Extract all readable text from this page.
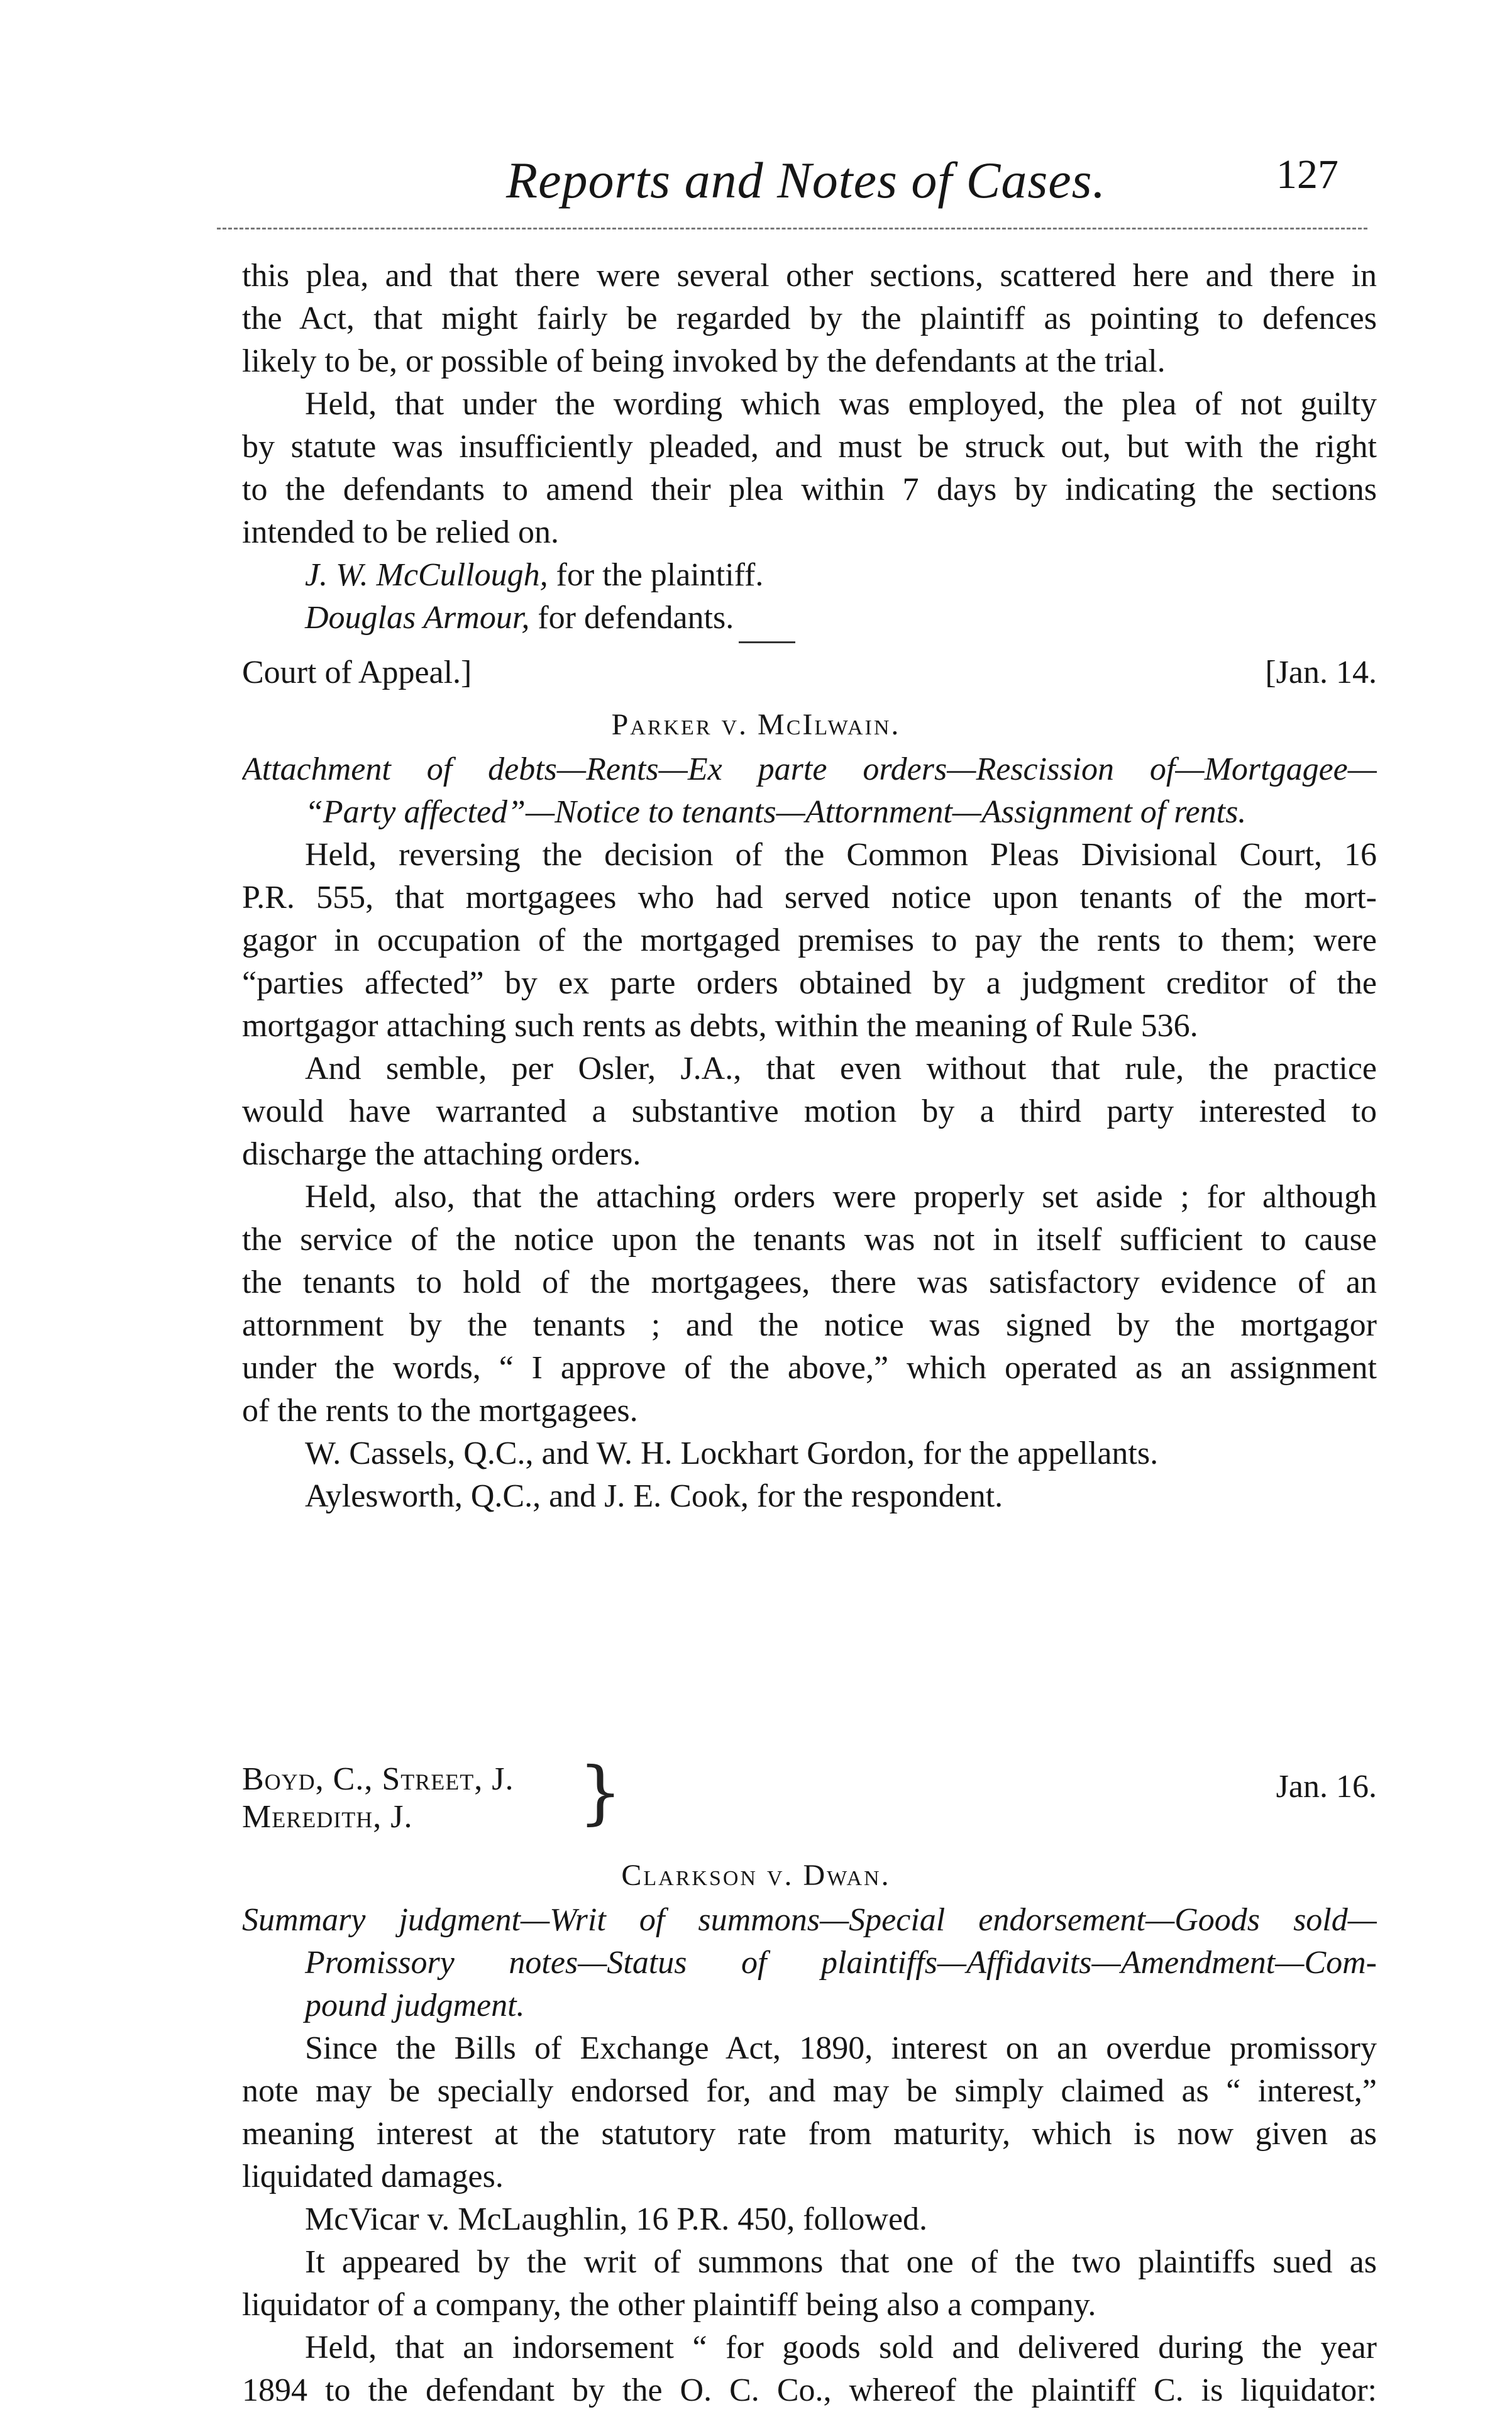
Reports and Notes of Cases.	127
this plea, and that there were several other sections, scattered here and there in
the Act, that might fairly be regarded by the plaintiff as pointing to defences
likely to be, or possible of being invoked by the defendants at the trial.
Held, that under the wording which was employed, the plea of not guilty
by statute was insufficiently pleaded, and must be struck out, but with the right
to the defendants to amend their plea within 7 days by indicating the sections
intended to be relied on.
J. W. McCullough, for the plaintiff.
Douglas Armour, for defendants.
Court of Appeal.]	[Jan. 14.
Parker v. McIlwain.
Attachment of debts—Rents—Ex parte orders—Rescission of—Mortgagee—
“Party affected”—Notice to tenants—Attornment—Assignment of rents.
Held, reversing the decision of the Common Pleas Divisional Court, 16
P.R. 555, that mortgagees who had served notice upon tenants of the mort-
gagor in occupation of the mortgaged premises to pay the rents to them; were
“parties affected” by ex parte orders obtained by a judgment creditor of the
mortgagor attaching such rents as debts, within the meaning of Rule 536.
And semble, per Osler, J.A., that even without that rule, the practice
would have warranted a substantive motion by a third party interested to
discharge the attaching orders.
Held, also, that the attaching orders were properly set aside ; for although
the service of the notice upon the tenants was not in itself sufficient to cause
the tenants to hold of the mortgagees, there was satisfactory evidence of an
attornment by the tenants ; and the notice was signed by the mortgagor
under the words, “ I approve of the above,” which operated as an assignment
of the rents to the mortgagees.
W. Cassels, Q.C., and W. H. Lockhart Gordon, for the appellants.
Aylesworth, Q.C., and J. E. Cook, for the respondent.
Boyd, C., Street, J.
Meredith, J.
Jan. 16.
}
Clarkson v. Dwan.
Summary judgment—Writ of summons—Special endorsement—Goods sold—
Promissory notes—Status of plaintiffs—Affidavits—Amendment—Com-
pound judgment.
Since the Bills of Exchange Act, 1890, interest on an overdue promissory
note may be specially endorsed for, and may be simply claimed as “ interest,”
meaning interest at the statutory rate from maturity, which is now given as
liquidated damages.
McVicar v. McLaughlin, 16 P.R. 450, followed.
It appeared by the writ of summons that one of the two plaintiffs sued as
liquidator of a company, the other plaintiff being also a company.
Held, that an indorsement “ for goods sold and delivered during the year
1894 to the defendant by the O. C. Co., whereof the plaintiff C. is liquidator:
